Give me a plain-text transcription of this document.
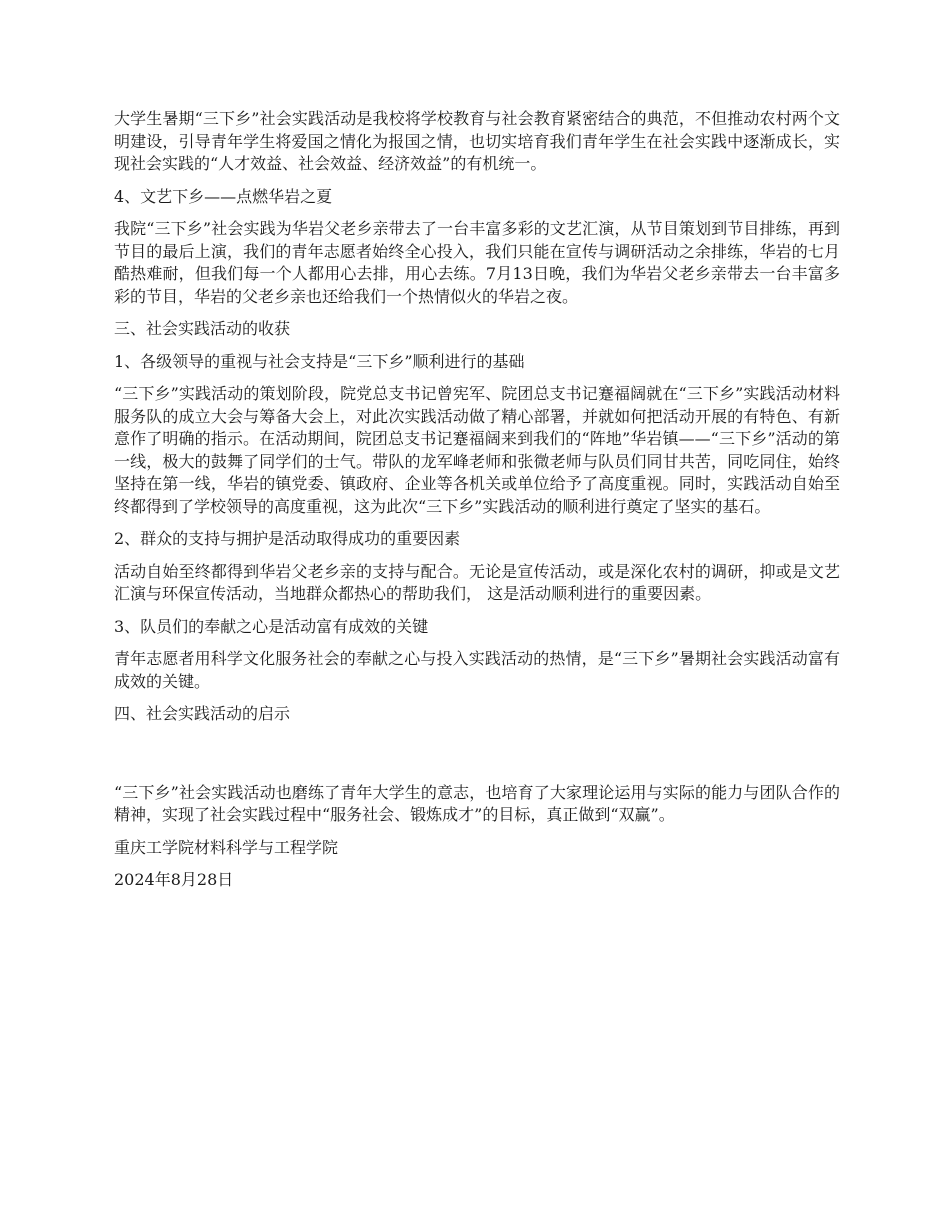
大学生暑期“三下乡”社会实践活动是我校将学校教育与社会教育紧密结合的典范，不但推动农村两个文明建设，引导青年学生将爱国之情化为报国之情，也切实培育我们青年学生在社会实践中逐渐成长，实现社会实践的“人才效益、社会效益、经济效益”的有机统一。

4、文艺下乡——点燃华岩之夏

我院“三下乡”社会实践为华岩父老乡亲带去了一台丰富多彩的文艺汇演，从节目策划到节目排练，再到节目的最后上演，我们的青年志愿者始终全心投入，我们只能在宣传与调研活动之余排练，华岩的七月酷热难耐，但我们每一个人都用心去排，用心去练。7月13日晚，我们为华岩父老乡亲带去一台丰富多彩的节目，华岩的父老乡亲也还给我们一个热情似火的华岩之夜。

三、社会实践活动的收获

1、各级领导的重视与社会支持是“三下乡”顺利进行的基础

“三下乡”实践活动的策划阶段，院党总支书记曾宪军、院团总支书记蹇福阔就在“三下乡”实践活动材料服务队的成立大会与筹备大会上，对此次实践活动做了精心部署，并就如何把活动开展的有特色、有新意作了明确的指示。在活动期间，院团总支书记蹇福阔来到我们的“阵地”华岩镇——“三下乡”活动的第一线，极大的鼓舞了同学们的士气。带队的龙军峰老师和张微老师与队员们同甘共苦，同吃同住，始终坚持在第一线，华岩的镇党委、镇政府、企业等各机关或单位给予了高度重视。同时，实践活动自始至终都得到了学校领导的高度重视，这为此次“三下乡”实践活动的顺利进行奠定了坚实的基石。

2、群众的支持与拥护是活动取得成功的重要因素

活动自始至终都得到华岩父老乡亲的支持与配合。无论是宣传活动，或是深化农村的调研，抑或是文艺汇演与环保宣传活动，当地群众都热心的帮助我们， 这是活动顺利进行的重要因素。

3、队员们的奉献之心是活动富有成效的关键

青年志愿者用科学文化服务社会的奉献之心与投入实践活动的热情，是“三下乡”暑期社会实践活动富有成效的关键。

四、社会实践活动的启示

“三下乡”社会实践活动也磨练了青年大学生的意志，也培育了大家理论运用与实际的能力与团队合作的精神，实现了社会实践过程中“服务社会、锻炼成才”的目标，真正做到“双赢”。

重庆工学院材料科学与工程学院

2024年8月28日
